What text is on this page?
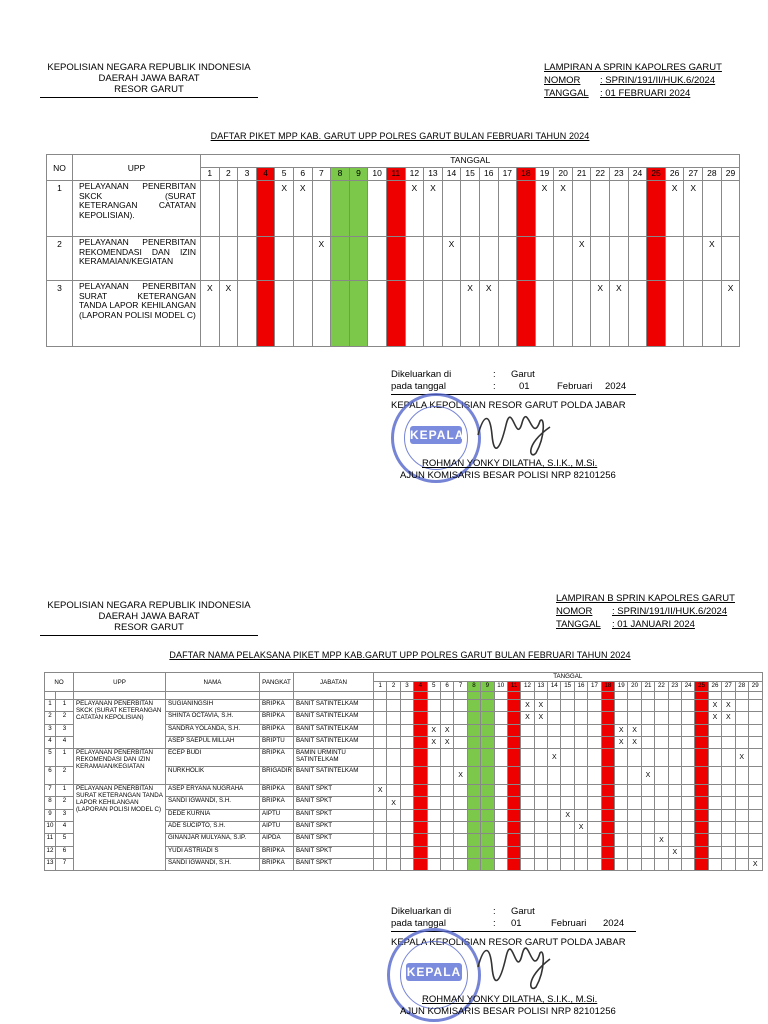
KEPOLISIAN NEGARA REPUBLIK INDONESIA
DAERAH JAWA BARAT
RESOR GARUT
LAMPIRAN A SPRIN KAPOLRES GARUT
NOMOR	: SPRIN/191/II/HUK.6/2024
TANGGAL	: 01 FEBRUARI 2024
DAFTAR PIKET MPP KAB. GARUT UPP POLRES GARUT BULAN FEBRUARI TAHUN 2024
NO	UPP	TANGGAL																												
		1	2	3	4	5	6	7	8	9	10	11	12	13	14	15	16	17	18	19	20	21	22	23	24	25	26	27	28	29
1	PELAYANAN PENERBITAN SKCK (SURAT KETERANGAN CATATAN KEPOLISIAN).					X	X						X	X						X	X						X	X		
2	PELAYANAN PENERBITAN REKOMENDASI DAN IZIN KERAMAIAN/KEGIATAN							X							X							X							X	
3	PELAYANAN PENERBITAN SURAT KETERANGAN TANDA LAPOR KEHILANGAN (LAPORAN POLISI MODEL C)	X	X													X	X						X	X						X
Dikeluarkan di	: Garut
pada tanggal	: 01	Februari 2024
KEPALA KEPOLISIAN RESOR GARUT POLDA JABAR
KEPALA
ROHMAN YONKY DILATHA, S.I.K., M.Si.
AJUN KOMISARIS BESAR POLISI NRP 82101256
KEPOLISIAN NEGARA REPUBLIK INDONESIA
DAERAH JAWA BARAT
RESOR GARUT
LAMPIRAN B SPRIN KAPOLRES GARUT
NOMOR	: SPRIN/191/II/HUK.6/2024
TANGGAL	: 01 JANUARI 2024
DAFTAR NAMA PELAKSANA PIKET MPP KAB.GARUT UPP POLRES GARUT BULAN FEBRUARI TAHUN 2024
NO		UPP	NAMA	PANGKAT	JABATAN	TANGGAL																												
						1	2	3	4	5	6	7	8	9	10	11	12	13	14	15	16	17	18	19	20	21	22	23	24	25	26	27	28	29

1	1	PELAYANAN PENERBITAN SKCK (SURAT KETERANGAN CATATAN KEPOLISIAN)	SUGIANINGSIH	BRIPKA	BANIT SATINTELKAM												X	X													X	X		
2	2		SHINTA OCTAVIA, S.H.	BRIPKA	BANIT SATINTELKAM												X	X													X	X		
3	3		SANDRA YOLANDA, S.H.	BRIPKA	BANIT SATINTELKAM					X	X													X	X									
4	4		ASEP SAEPUL MILLAH	BRIPTU	BANIT SATINTELKAM					X	X													X	X									
5	1	PELAYANAN PENERBITAN REKOMENDASI DAN IZIN KERAMAIAN/KEGIATAN	ECEP BUDI	BRIPKA	BAMIN URMINTU SATINTELKAM														X														X	
6	2		NURKHOLIK	BRIGADIR	BANIT SATINTELKAM							X														X								
7	1	PELAYANAN PENERBITAN SURAT KETERANGAN TANDA LAPOR KEHILANGAN (LAPORAN POLISI MODEL C)	ASEP ERYANA NUGRAHA	BRIPKA	BANIT SPKT	X																												
8	2		SANDI IGWANDI, S.H.	BRIPKA	BANIT SPKT		X																											
9	3		DEDE KURNIA	AIPTU	BANIT SPKT															X														
10	4		ADE SUCIPTO, S.H.	AIPTU	BANIT SPKT																X													
11	5		GINANJAR MULYANA, S.IP.	AIPDA	BANIT SPKT																						X							
12	6		YUDI ASTRIADI S	BRIPKA	BANIT SPKT																							X						
13	7		SANDI IGWANDI, S.H.	BRIPKA	BANIT SPKT																													X
Dikeluarkan di	: Garut
pada tanggal	: 01	Februari 2024
KEPALA KEPOLISIAN RESOR GARUT POLDA JABAR
KEPALA
ROHMAN YONKY DILATHA, S.I.K., M.Si.
AJUN KOMISARIS BESAR POLISI NRP 82101256
